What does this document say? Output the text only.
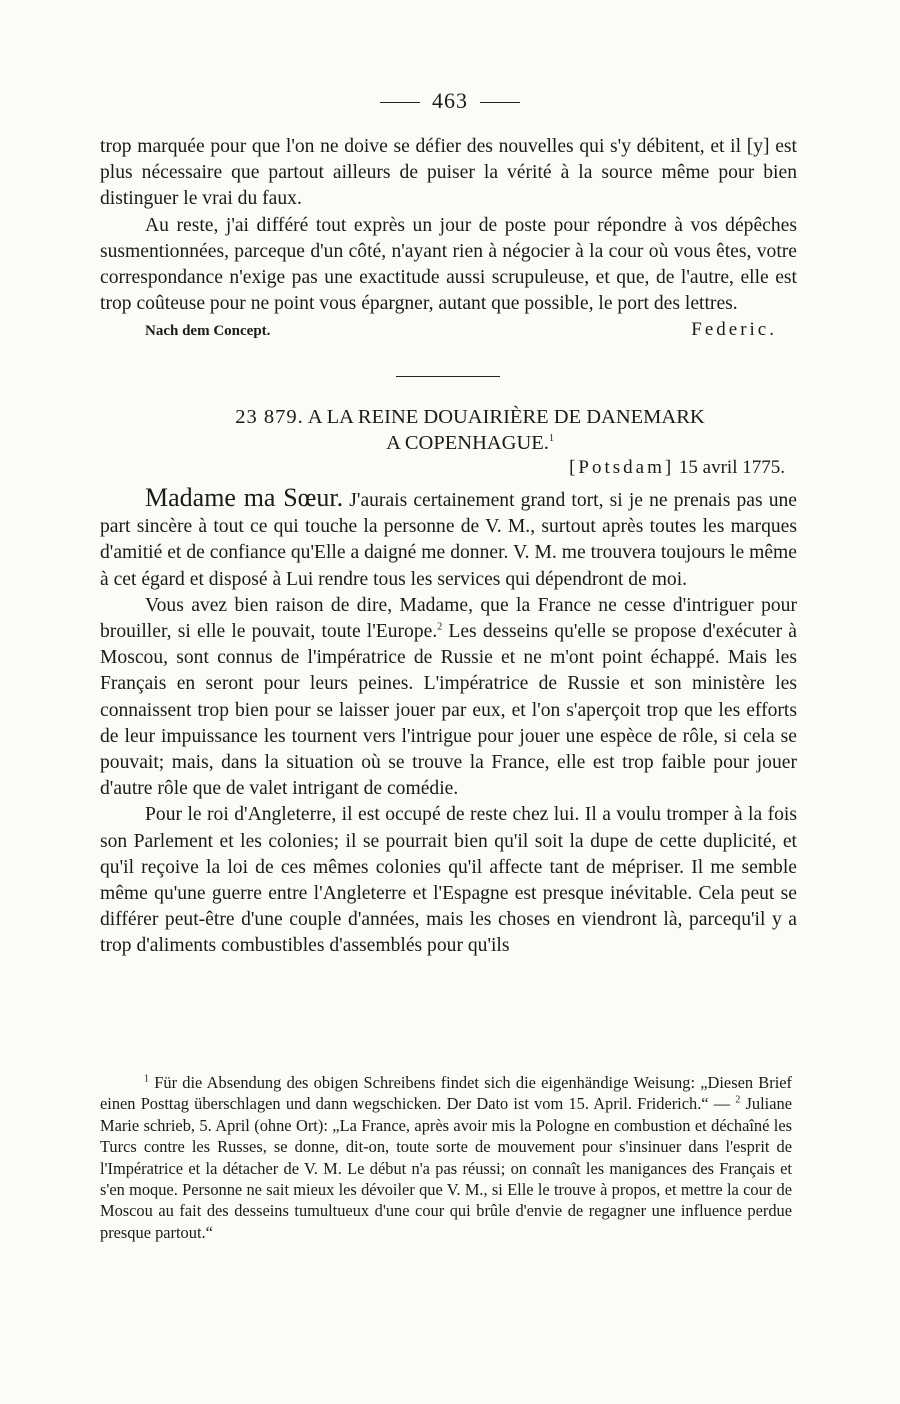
463

trop marquée pour que l'on ne doive se défier des nouvelles qui s'y débitent, et il [y] est plus nécessaire que partout ailleurs de puiser la vérité à la source même pour bien distinguer le vrai du faux.

Au reste, j'ai différé tout exprès un jour de poste pour répondre à vos dépêches susmentionnées, parceque d'un côté, n'ayant rien à négocier à la cour où vous êtes, votre correspondance n'exige pas une exactitude aussi scrupuleuse, et que, de l'autre, elle est trop coûteuse pour ne point vous épargner, autant que possible, le port des lettres.

Nach dem Concept.	Federic.
23 879. A LA REINE DOUAIRIÈRE DE DANEMARK
A COPENHAGUE.$^1$
[Potsdam] 15 avril 1775.

Madame ma Sœur. J'aurais certainement grand tort, si je ne prenais pas une part sincère à tout ce qui touche la personne de V. M., surtout après toutes les marques d'amitié et de confiance qu'Elle a daigné me donner. V. M. me trouvera toujours le même à cet égard et disposé à Lui rendre tous les services qui dépendront de moi.

Vous avez bien raison de dire, Madame, que la France ne cesse d'intriguer pour brouiller, si elle le pouvait, toute l'Europe.$^2$ Les desseins qu'elle se propose d'exécuter à Moscou, sont connus de l'impératrice de Russie et ne m'ont point échappé. Mais les Français en seront pour leurs peines. L'impératrice de Russie et son ministère les connaissent trop bien pour se laisser jouer par eux, et l'on s'aperçoit trop que les efforts de leur impuissance les tournent vers l'intrigue pour jouer une espèce de rôle, si cela se pouvait; mais, dans la situation où se trouve la France, elle est trop faible pour jouer d'autre rôle que de valet intrigant de comédie.

Pour le roi d'Angleterre, il est occupé de reste chez lui. Il a voulu tromper à la fois son Parlement et les colonies; il se pourrait bien qu'il soit la dupe de cette duplicité, et qu'il reçoive la loi de ces mêmes colonies qu'il affecte tant de mépriser. Il me semble même qu'une guerre entre l'Angleterre et l'Espagne est presque inévitable. Cela peut se différer peut-être d'une couple d'années, mais les choses en viendront là, parcequ'il y a trop d'aliments combustibles d'assemblés pour qu'ils

$^1$ Für die Absendung des obigen Schreibens findet sich die eigenhändige Weisung: „Diesen Brief einen Posttag überschlagen und dann wegschicken. Der Dato ist vom 15. April. Friderich.“ — $^2$ Juliane Marie schrieb, 5. April (ohne Ort): „La France, après avoir mis la Pologne en combustion et déchaîné les Turcs contre les Russes, se donne, dit-on, toute sorte de mouvement pour s'insinuer dans l'esprit de l'Impératrice et la détacher de V. M. Le début n'a pas réussi; on connaît les manigances des Français et s'en moque. Personne ne sait mieux les dévoiler que V. M., si Elle le trouve à propos, et mettre la cour de Moscou au fait des desseins tumultueux d'une cour qui brûle d'envie de regagner une influence perdue presque partout.“
